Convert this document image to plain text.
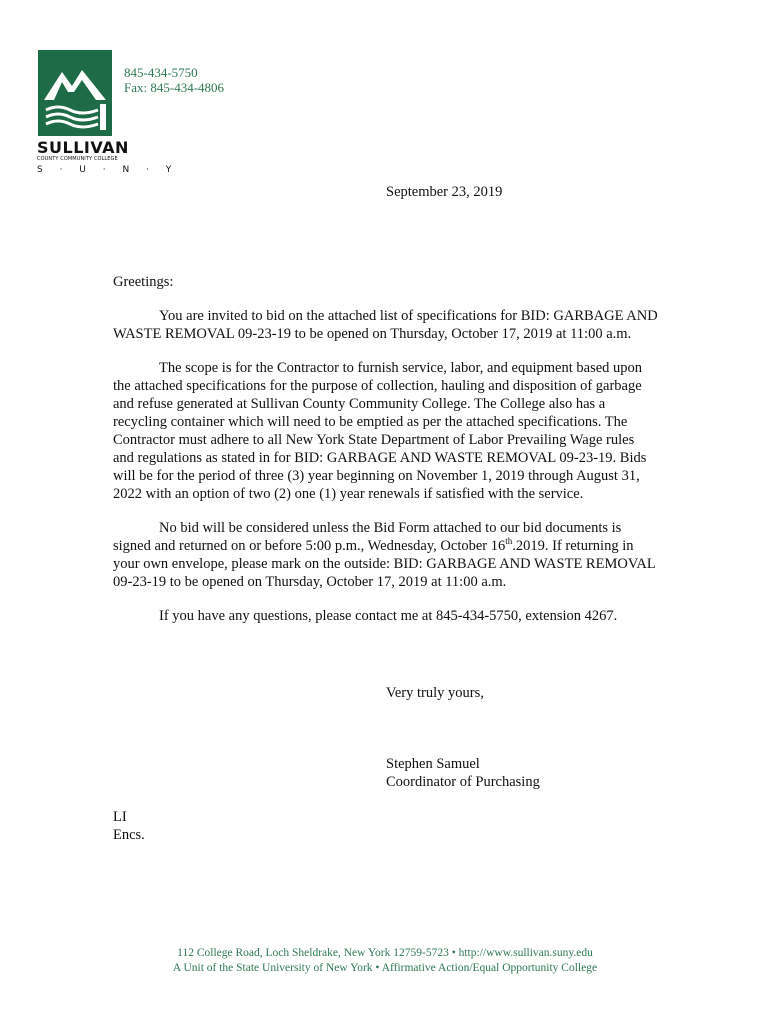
SULLIVAN
COUNTY COMMUNITY COLLEGE
S · U · N · Y
845-434-5750
Fax: 845-434-4806
September 23, 2019

Greetings:

You are invited to bid on the attached list of specifications for BID: GARBAGE AND WASTE REMOVAL 09-23-19 to be opened on Thursday, October 17, 2019 at 11:00 a.m.

The scope is for the Contractor to furnish service, labor, and equipment based upon the attached specifications for the purpose of collection, hauling and disposition of garbage and refuse generated at Sullivan County Community College. The College also has a recycling container which will need to be emptied as per the attached specifications. The Contractor must adhere to all New York State Department of Labor Prevailing Wage rules and regulations as stated in for BID: GARBAGE AND WASTE REMOVAL 09-23-19. Bids will be for the period of three (3) year beginning on November 1, 2019 through August 31, 2022 with an option of two (2) one (1) year renewals if satisfied with the service.

No bid will be considered unless the Bid Form attached to our bid documents is signed and returned on or before 5:00 p.m., Wednesday, October 16th.2019. If returning in your own envelope, please mark on the outside: BID: GARBAGE AND WASTE REMOVAL 09-23-19 to be opened on Thursday, October 17, 2019 at 11:00 a.m.

If you have any questions, please contact me at 845-434-5750, extension 4267.

Very truly yours,
Stephen Samuel
Coordinator of Purchasing
LI
Encs.
112 College Road, Loch Sheldrake, New York 12759-5723 • http://www.sullivan.suny.edu
A Unit of the State University of New York • Affirmative Action/Equal Opportunity College
